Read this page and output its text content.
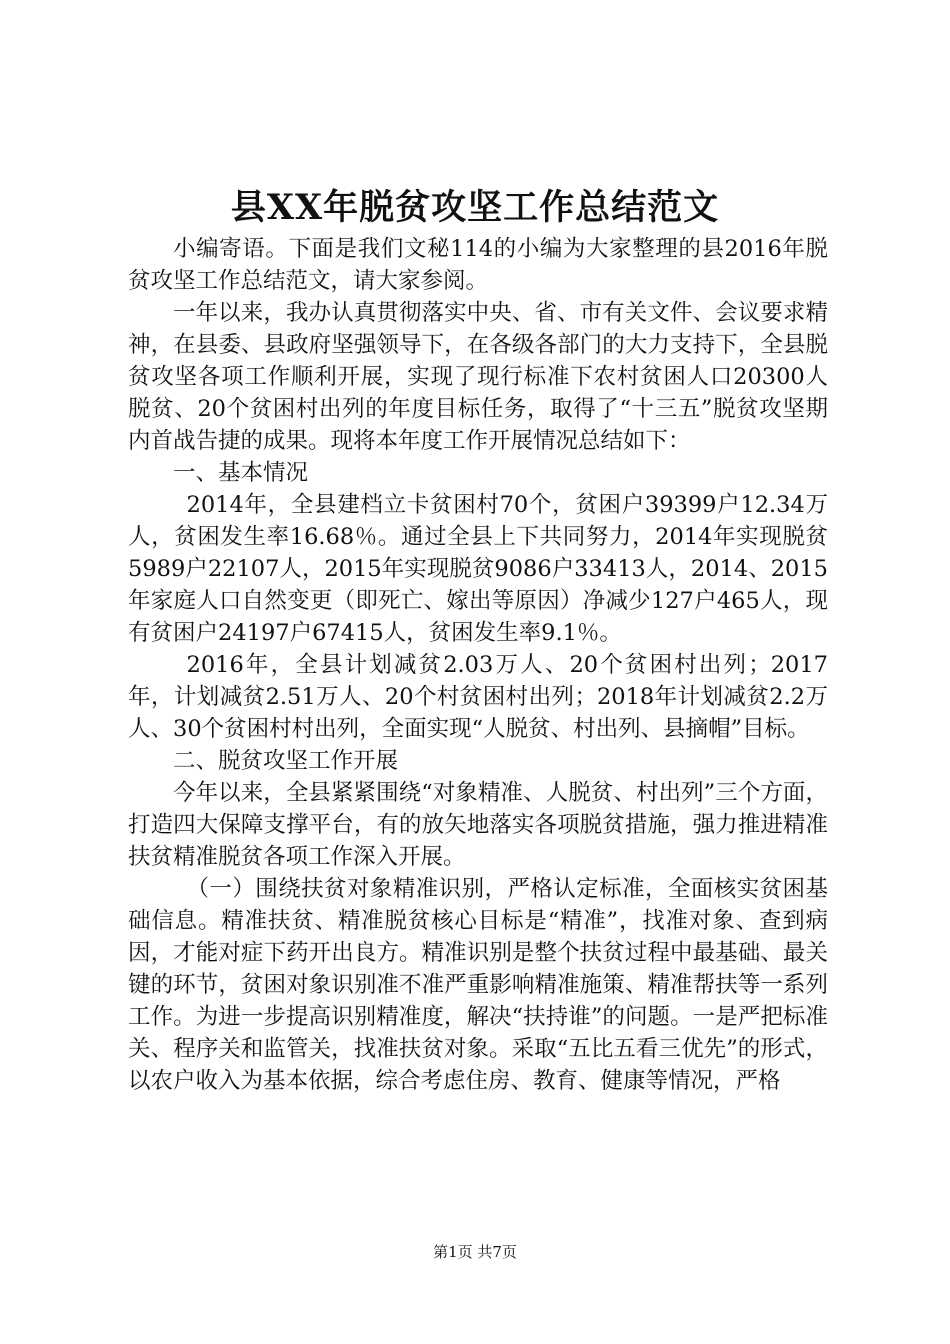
县XX年脱贫攻坚工作总结范文

小编寄语。下面是我们文秘114的小编为大家整理的县2016年脱贫攻坚工作总结范文，请大家参阅。

一年以来，我办认真贯彻落实中央、省、市有关文件、会议要求精神，在县委、县政府坚强领导下，在各级各部门的大力支持下，全县脱贫攻坚各项工作顺利开展，实现了现行标准下农村贫困人口20300人脱贫、20个贫困村出列的年度目标任务，取得了“十三五”脱贫攻坚期内首战告捷的成果。现将本年度工作开展情况总结如下：

一、基本情况

2014年，全县建档立卡贫困村70个，贫困户39399户12.34万人，贫困发生率16.68％。通过全县上下共同努力，2014年实现脱贫5989户22107人，2015年实现脱贫9086户33413人，2014、2015年家庭人口自然变更（即死亡、嫁出等原因）净减少127户465人，现有贫困户24197户67415人，贫困发生率9.1％。

2016年，全县计划减贫2.03万人、20个贫困村出列；2017年，计划减贫2.51万人、20个村贫困村出列；2018年计划减贫2.2万人、30个贫困村村出列，全面实现“人脱贫、村出列、县摘帽”目标。

二、脱贫攻坚工作开展

今年以来，全县紧紧围绕“对象精准、人脱贫、村出列”三个方面，打造四大保障支撑平台，有的放矢地落实各项脱贫措施，强力推进精准扶贫精准脱贫各项工作深入开展。

（一）围绕扶贫对象精准识别，严格认定标准，全面核实贫困基础信息。精准扶贫、精准脱贫核心目标是“精准”，找准对象、查到病因，才能对症下药开出良方。精准识别是整个扶贫过程中最基础、最关键的环节，贫困对象识别准不准严重影响精准施策、精准帮扶等一系列工作。为进一步提高识别精准度，解决“扶持谁”的问题。一是严把标准关、程序关和监管关，找准扶贫对象。采取“五比五看三优先”的形式，以农户收入为基本依据，综合考虑住房、教育、健康等情况，严格

第1页 共7页
